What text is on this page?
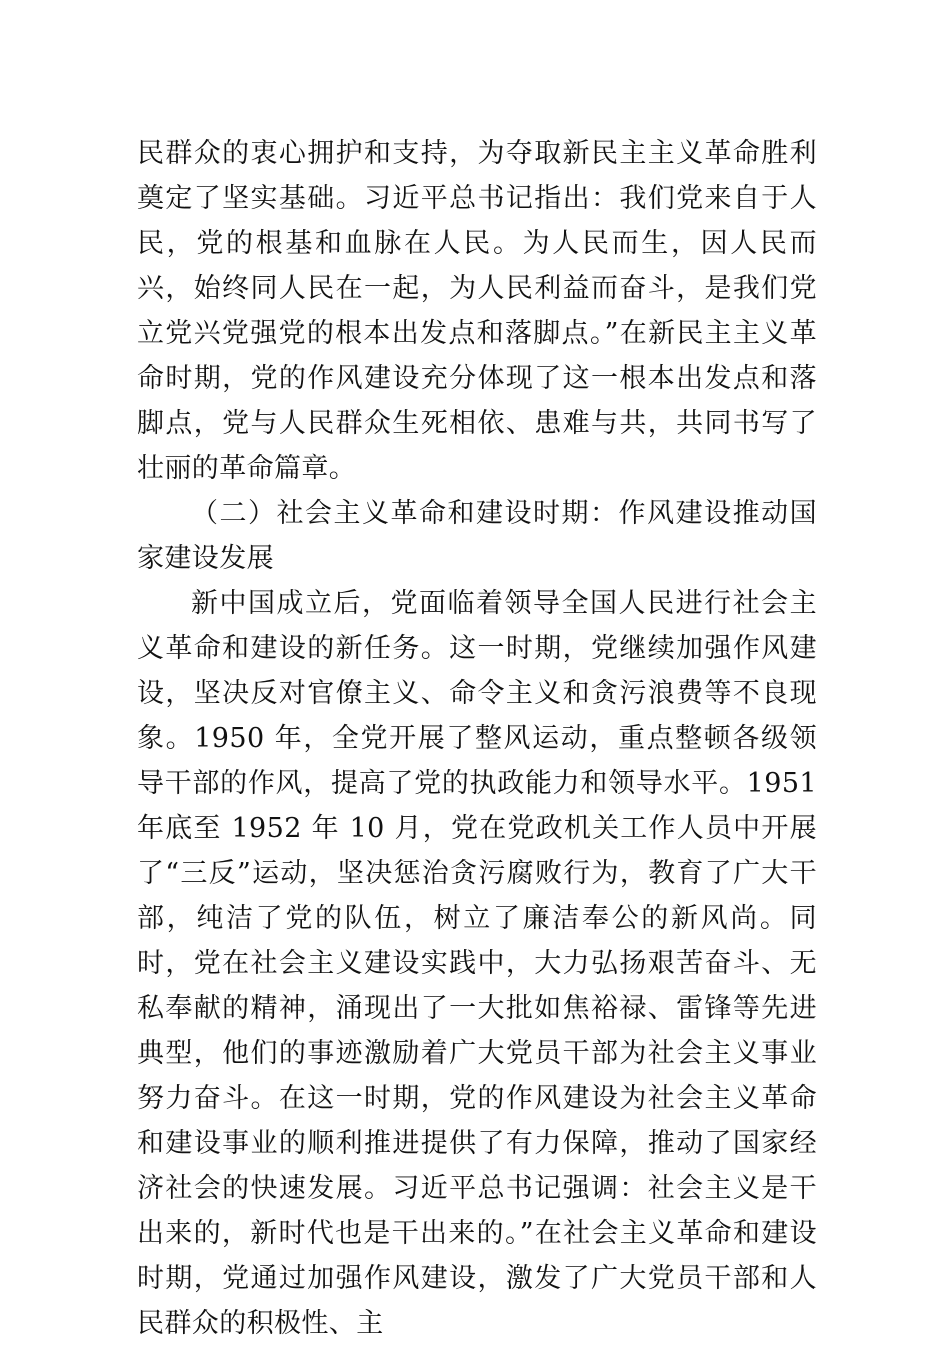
民群众的衷心拥护和支持，为夺取新民主主义革命胜利奠定了坚实基础。习近平总书记指出：我们党来自于人民，党的根基和血脉在人民。为人民而生，因人民而兴，始终同人民在一起，为人民利益而奋斗，是我们党立党兴党强党的根本出发点和落脚点。”在新民主主义革命时期，党的作风建设充分体现了这一根本出发点和落脚点，党与人民群众生死相依、患难与共，共同书写了壮丽的革命篇章。

（二）社会主义革命和建设时期：作风建设推动国家建设发展

新中国成立后，党面临着领导全国人民进行社会主义革命和建设的新任务。这一时期，党继续加强作风建设，坚决反对官僚主义、命令主义和贪污浪费等不良现象。1950 年，全党开展了整风运动，重点整顿各级领导干部的作风，提高了党的执政能力和领导水平。1951 年底至 1952 年 10 月，党在党政机关工作人员中开展了“三反”运动，坚决惩治贪污腐败行为，教育了广大干部，纯洁了党的队伍，树立了廉洁奉公的新风尚。同时，党在社会主义建设实践中，大力弘扬艰苦奋斗、无私奉献的精神，涌现出了一大批如焦裕禄、雷锋等先进典型，他们的事迹激励着广大党员干部为社会主义事业努力奋斗。在这一时期，党的作风建设为社会主义革命和建设事业的顺利推进提供了有力保障，推动了国家经济社会的快速发展。习近平总书记强调：社会主义是干出来的，新时代也是干出来的。”在社会主义革命和建设时期，党通过加强作风建设，激发了广大党员干部和人民群众的积极性、主
